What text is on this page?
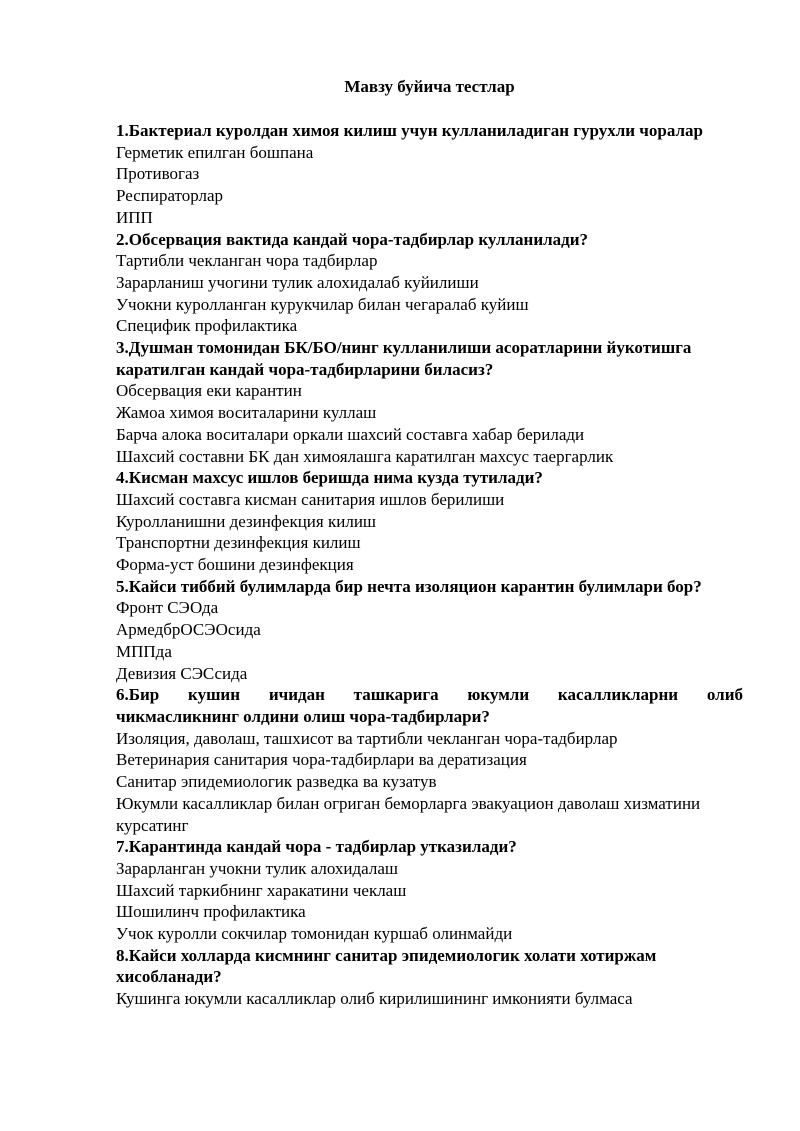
Мавзу буйича тестлар

1.Бактериал куролдан химоя килиш учун кулланиладиган гурухли чоралар

Герметик епилган бошпана

Противогаз

Респираторлар

ИПП

2.Обсервация вактида кандай чора-тадбирлар кулланилади?

Тартибли чекланган чора тадбирлар

Зарарланиш учогини тулик алохидалаб куйилиши

Учокни куролланган курукчилар билан чегаралаб куйиш

Специфик профилактика

3.Душман томонидан БК/БО/нинг кулланилиши асоратларини йукотишга каратилган кандай чора-тадбирларини биласиз?

Обсервация еки карантин

Жамоа химоя воситаларини куллаш

Барча алока воситалари оркали шахсий составга хабар берилади

Шахсий составни БК дан химоялашга каратилган махсус таергарлик

4.Кисман махсус ишлов беришда нима кузда тутилади?

Шахсий составга кисман санитария ишлов берилиши

Куролланишни дезинфекция килиш

Транспортни дезинфекция килиш

Форма-уст бошини дезинфекция

5.Кайси тиббий булимларда бир нечта изоляцион карантин булимлари бор?

Фронт СЭОда

АрмедбрОСЭОсида

МППда

Девизия СЭСсида

6.Бир кушин ичидан ташкарига юкумли касалликларни олиб
чикмасликнинг олдини олиш чора-тадбирлари?

Изоляция, даволаш, ташхисот ва тартибли чекланган чора-тадбирлар

Ветеринария санитария чора-тадбирлари ва дератизация

Санитар эпидемиологик разведка ва кузатув

Юкумли касалликлар билан огриган беморларга эвакуацион даволаш хизматини курсатинг

7.Карантинда кандай чора - тадбирлар утказилади?

Зарарланган учокни тулик алохидалаш

Шахсий таркибнинг харакатини чеклаш

Шошилинч профилактика

Учок куролли сокчилар томонидан куршаб олинмайди

8.Кайси холларда кисмнинг санитар эпидемиологик холати хотиржам хисобланади?

Кушинга юкумли касалликлар олиб кирилишининг имконияти булмаса
